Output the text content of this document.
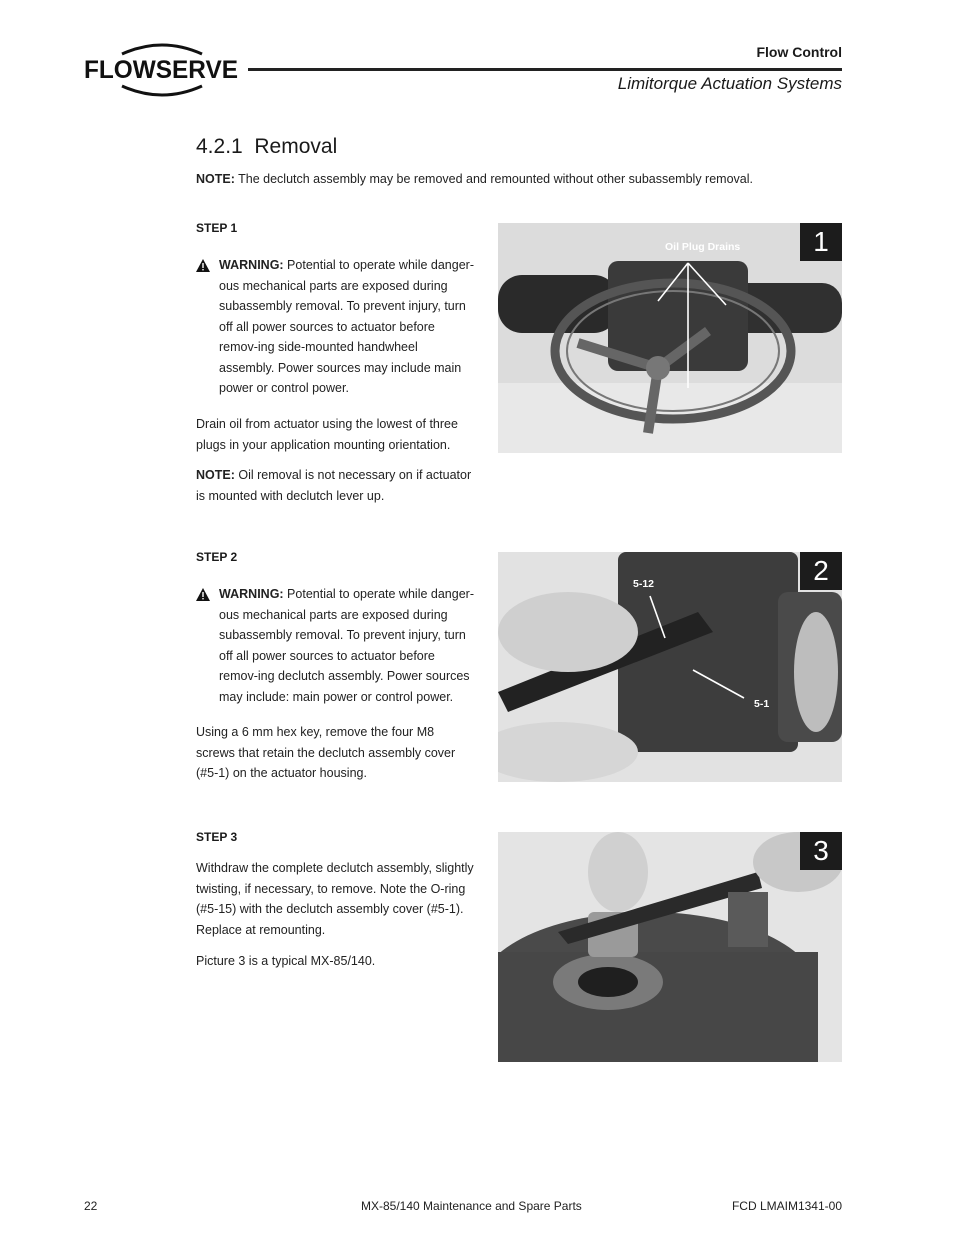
FLOWSERVE
Flow Control
Limitorque Actuation Systems
4.2.1  Removal
NOTE: The declutch assembly may be removed and remounted without other subassembly removal.
STEP 1
WARNING: Potential to operate while danger-ous mechanical parts are exposed during subassembly removal. To prevent injury, turn off all power sources to actuator before remov-ing side-mounted handwheel assembly. Power sources may include main power or control power.
Drain oil from actuator using the lowest of three plugs in your application mounting orientation.
NOTE: Oil removal is not necessary on if actuator is mounted with declutch lever up.
Oil Plug Drains	1
STEP 2
WARNING: Potential to operate while danger-ous mechanical parts are exposed during subassembly removal. To prevent injury, turn off all power sources to actuator before remov-ing declutch assembly. Power sources may include: main power or control power.
Using a 6 mm hex key, remove the four M8 screws that retain the declutch assembly cover (#5-1) on the actuator housing.
5-12
5-1
2
STEP 3
Withdraw the complete declutch assembly, slightly twisting, if necessary, to remove. Note the O-ring (#5-15) with the declutch assembly cover (#5-1). Replace at remounting.
Picture 3 is a typical MX-85/140.
3
22	MX-85/140 Maintenance and Spare Parts	FCD LMAIM1341-00
